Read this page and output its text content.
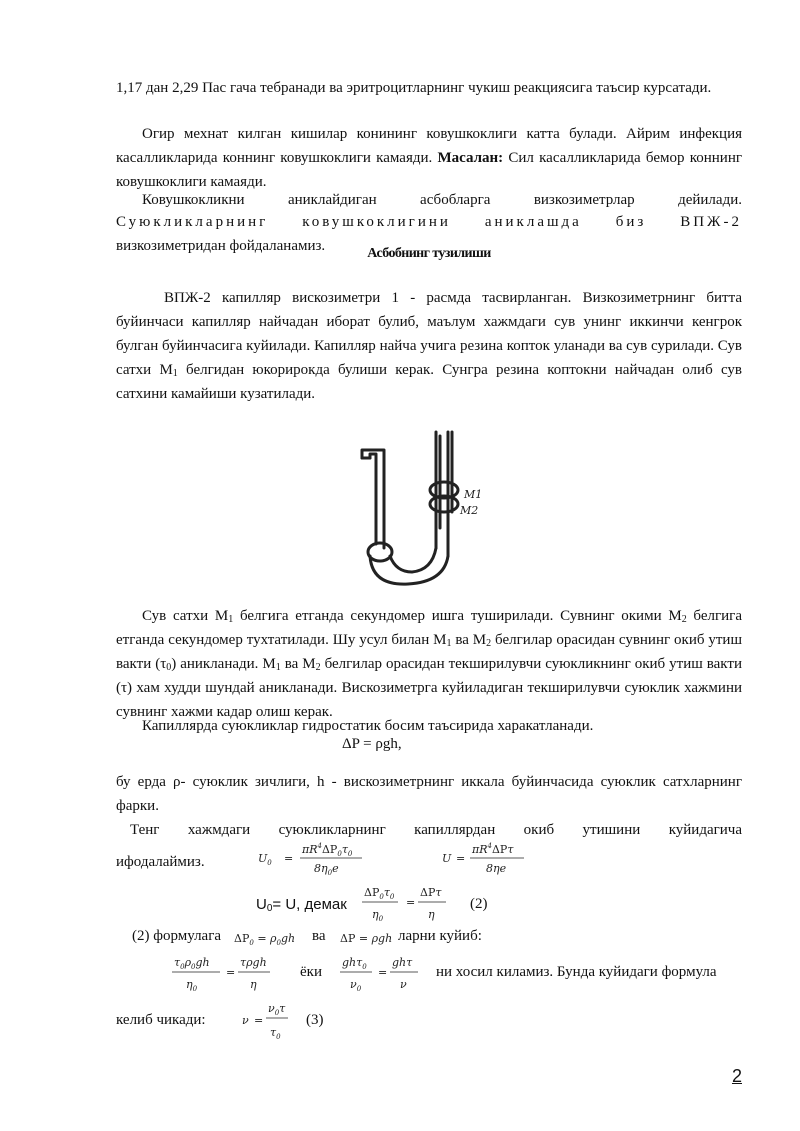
1,17 дан 2,29 Пас гача тебранади ва эритроцитларнинг чукиш реакциясига таъсир курсатади.

Огир мехнат килган кишилар конининг ковушкоклиги катта булади. Айрим инфекция касалликларида коннинг ковушкоклиги камаяди. Масалан: Сил касалликларида бемор коннинг ковушкоклиги камаяди.

Ковушкокликни аниклайдиган асбобларга визкозиметрлар дейилади.

Суюкликларнинг ковушкоклигини аниклашда биз ВПЖ-2 визкозиметридан фойдаланамиз.	Асбобнинг тузилиши

ВПЖ-2 капилляр вискозиметри 1 - расмда тасвирланган. Визкозиметрнинг битта буйинчаси капилляр найчадан иборат булиб, маълум хажмдаги сув унинг иккинчи кенгрок булган буйинчасига куйилади. Капилляр найча учига резина копток уланади ва сув сурилади. Сув сатхи $М_1$ белгидан юкорирокда булиши керак. Сунгра резина коптокни найчадан олиб сув сатхини камайиши кузатилади.

М1
М2

Сув сатхи $М_1$ белгига етганда секундомер ишга туширилади. Сувнинг окими $М_2$ белгига етганда секундомер тухтатилади. Шу усул билан $М_1$ ва $М_2$ белгилар орасидан сувнинг окиб утиш вакти $(\tau_0)$ аникланади. $М_1$ ва $М_2$ белгилар орасидан текширилувчи суюкликнинг окиб утиш вакти (τ) хам худди шундай аникланади. Вискозиметрга куйиладиган текширилувчи суюклик хажмини сувнинг хажми кадар олиш керак.

Капиллярда суюкликлар гидростатик босим таъсирида харакатланади.

ΔP = ρgh,

бу ерда ρ- суюклик зичлиги, h - вискозиметрнинг иккала буйинчасида суюклик сатхларнинг фарки.

Тенг хажмдаги суюкликларнинг капиллярдан окиб утишини куйидагича

ифодалаймиз.	$U_0$ =
$\pi R^4\Delta P_0\tau_0$
$8\eta_0e$
U =
$\pi R^4\Delta P\tau$
8ηe
$U_0= U$, демак
$\Delta P_0\tau_0$
$\eta_0$
=
ΔPτ
η
(2)
(2) формулага $\Delta P_0 = \rho_0gh$ ва ΔP = ρgh ларни куйиб:
$\tau_0\rho_0gh$
$\eta_0$
=
τρgh
η
ёки
ghτ$_0$
$\nu_0$
=
ghτ
ν
ни хосил киламиз. Бунда куйидаги формула
келиб чикади:	ν =
$\nu_0\tau$
$\tau_0$
(3)
2
